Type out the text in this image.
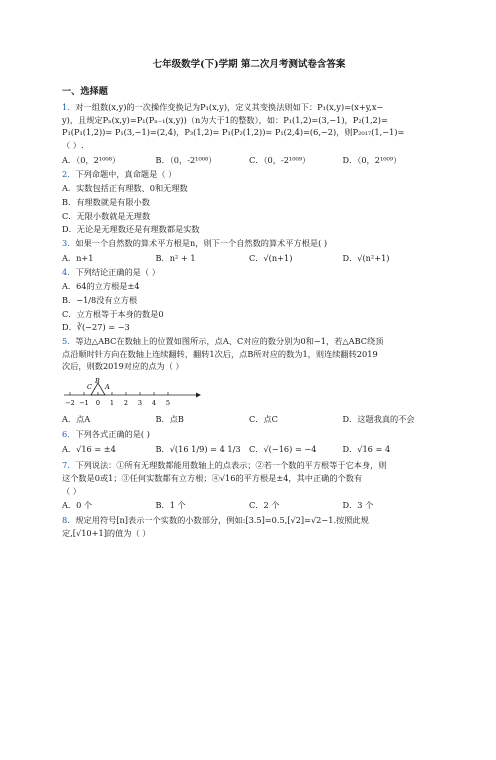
七年级数学(下)学期 第二次月考测试卷含答案
一、选择题

1．对一组数(x,y)的一次操作变换记为P₁(x,y)，定义其变换法则如下：P₁(x,y)=(x+y,x−

y)，且规定Pₙ(x,y)=P₁(Pₙ₋₁(x,y))（n为大于1的整数），如：P₁(1,2)=(3,−1)，P₂(1,2)=

P₁(P₁(1,2))= P₁(3,−1)=(2,4)，P₃(1,2)= P₁(P₂(1,2))= P₁(2,4)=(6,−2)，则P₂₀₁₇(1,−1)=

（ ）.

A．（0，2¹⁰⁰⁸）	B．（0，-2¹⁰⁰⁸）	C．（0，-2¹⁰⁰⁹）	D．（0，2¹⁰⁰⁹）

2．下列命题中，真命题是（ ）

A．实数包括正有理数、0和无理数

B．有理数就是有限小数

C．无限小数就是无理数

D．无论是无理数还是有理数都是实数

3．如果一个自然数的算术平方根是n，则下一个自然数的算术平方根是( )

A．n+1	B．n² + 1	C．√(n+1)	D．√(n²+1)

4．下列结论正确的是（ ）

A．64的立方根是±4

B．−1/8没有立方根

C．立方根等于本身的数是0

D．∛(−27) = −3

5．等边△ABC在数轴上的位置如图所示，点A、C对应的数分别为0和−1，若△ABC绕顶

点沿顺时针方向在数轴上连续翻转，翻转1次后，点B所对应的数为1，则连续翻转2019

次后，则数2019对应的点为（ ）

−2 −1 0 1 2 3 4 5
C
B
A
A．点A	B．点B	C．点C	D．这题我真的不会

6．下列各式正确的是( )

A．√16 = ±4	B．√(16 1/9) = 4 1/3	C．√(−16) = −4	D．√16 = 4

7．下列说法：①所有无理数都能用数轴上的点表示；②若一个数的平方根等于它本身，则

这个数是0或1；③任何实数都有立方根；④√16的平方根是±4，其中正确的个数有

（ ）

A．0 个	B．1 个	C．2 个	D．3 个

8．规定用符号[n]表示一个实数的小数部分，例如:[3.5]=0.5,[√2]=√2−1.按照此规

定,[√10+1]的值为（ ）
